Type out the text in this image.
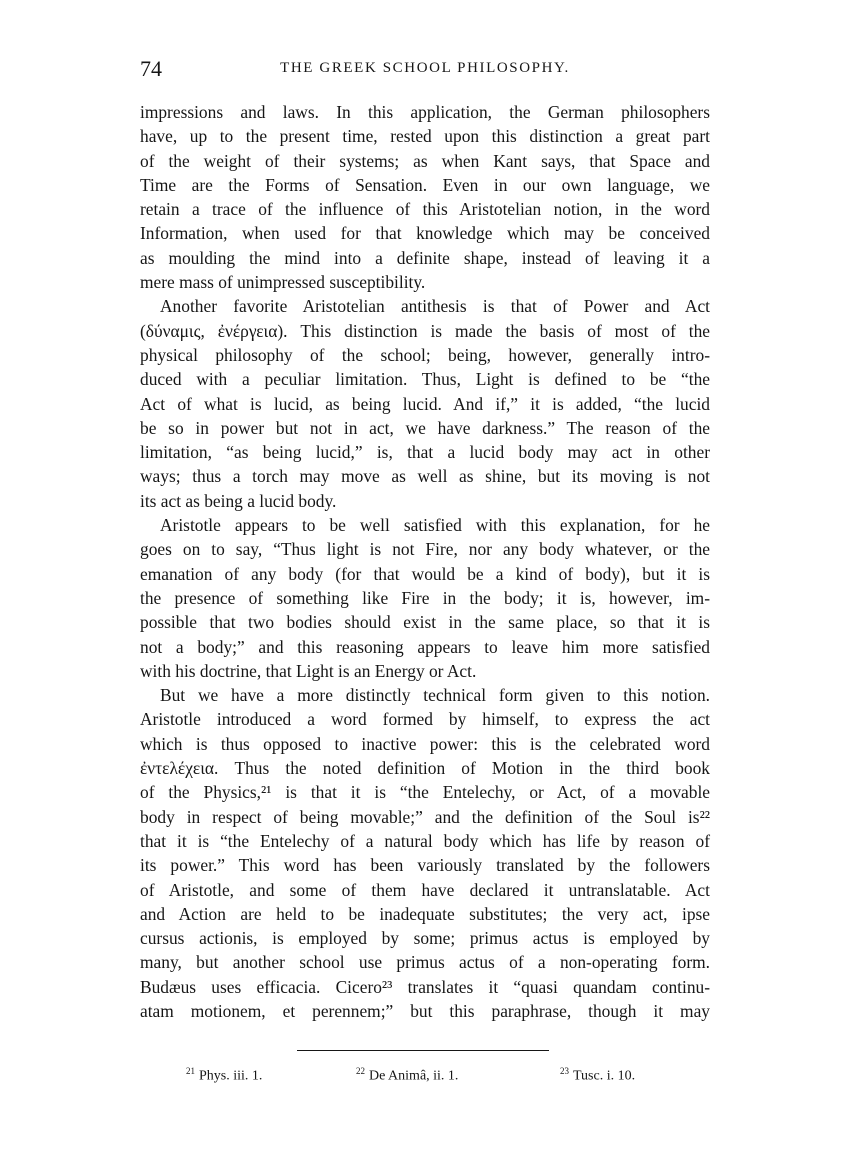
74	THE GREEK SCHOOL PHILOSOPHY.
impressions and laws. In this application, the German philosophers
have, up to the present time, rested upon this distinction a great part
of the weight of their systems; as when Kant says, that Space and
Time are the Forms of Sensation. Even in our own language, we
retain a trace of the influence of this Aristotelian notion, in the word
Information, when used for that knowledge which may be conceived
as moulding the mind into a definite shape, instead of leaving it a
mere mass of unimpressed susceptibility.
Another favorite Aristotelian antithesis is that of Power and Act
(δύναμις, ἐνέργεια). This distinction is made the basis of most of the
physical philosophy of the school; being, however, generally intro-
duced with a peculiar limitation. Thus, Light is defined to be “the
Act of what is lucid, as being lucid. And if,” it is added, “the lucid
be so in power but not in act, we have darkness.” The reason of the
limitation, “as being lucid,” is, that a lucid body may act in other
ways; thus a torch may move as well as shine, but its moving is not
its act as being a lucid body.
Aristotle appears to be well satisfied with this explanation, for he
goes on to say, “Thus light is not Fire, nor any body whatever, or the
emanation of any body (for that would be a kind of body), but it is
the presence of something like Fire in the body; it is, however, im-
possible that two bodies should exist in the same place, so that it is
not a body;” and this reasoning appears to leave him more satisfied
with his doctrine, that Light is an Energy or Act.
But we have a more distinctly technical form given to this notion.
Aristotle introduced a word formed by himself, to express the act
which is thus opposed to inactive power: this is the celebrated word
ἐντελέχεια. Thus the noted definition of Motion in the third book
of the Physics,²¹ is that it is “the Entelechy, or Act, of a movable
body in respect of being movable;” and the definition of the Soul is²²
that it is “the Entelechy of a natural body which has life by reason of
its power.” This word has been variously translated by the followers
of Aristotle, and some of them have declared it untranslatable. Act
and Action are held to be inadequate substitutes; the very act, ipse
cursus actionis, is employed by some; primus actus is employed by
many, but another school use primus actus of a non-operating form.
Budæus uses efficacia. Cicero²³ translates it “quasi quandam continu-
atam motionem, et perennem;” but this paraphrase, though it may
$^{21}$ Phys. iii. 1.	$^{22}$ De Animâ, ii. 1.	$^{23}$ Tusc. i. 10.
